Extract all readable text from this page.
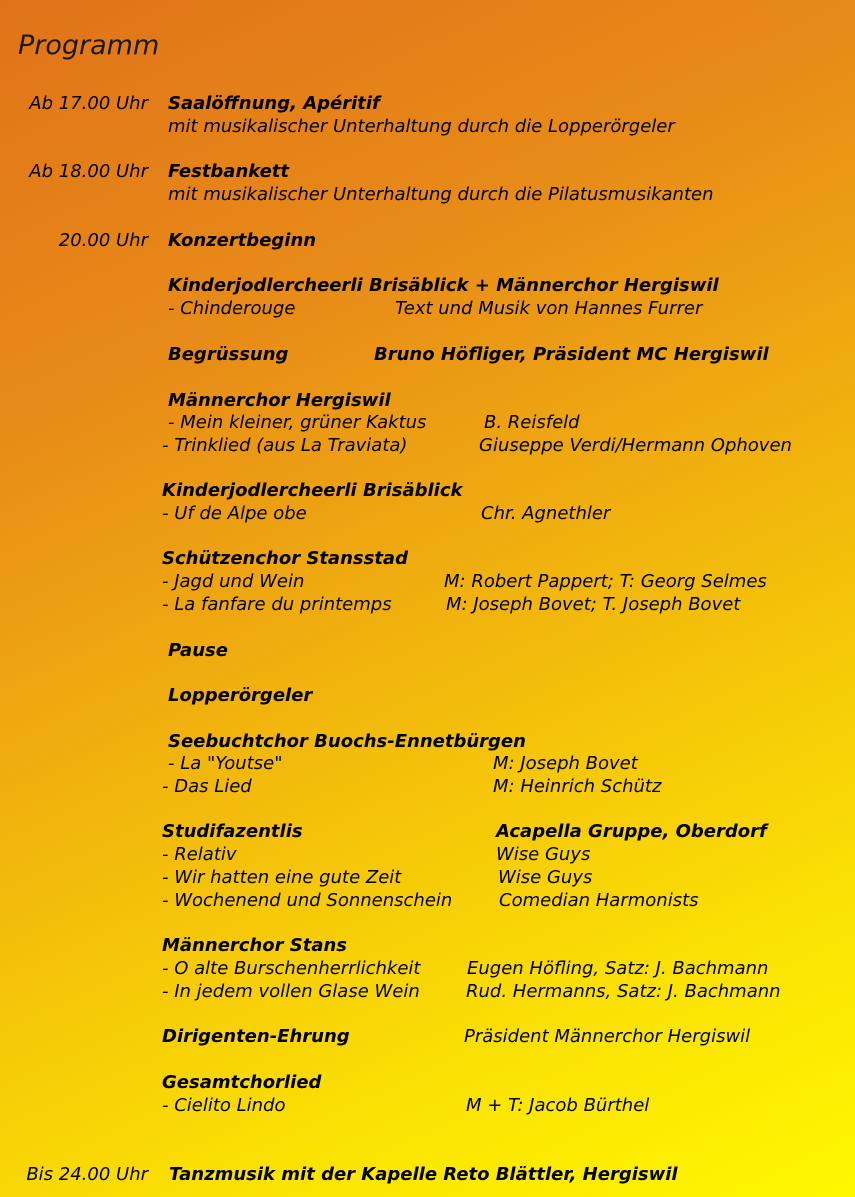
Programm
Ab 17.00 Uhr Saalöffnung, Apéritif
mit musikalischer Unterhaltung durch die Lopperörgeler
Ab 18.00 Uhr Festbankett
mit musikalischer Unterhaltung durch die Pilatusmusikanten
20.00 Uhr Konzertbeginn
Kinderjodlercheerli Brisäblick + Männerchor Hergiswil
- Chinderouge	Text und Musik von Hannes Furrer
Begrüssung	Bruno Höfliger, Präsident MC Hergiswil
Männerchor Hergiswil
- Mein kleiner, grüner Kaktus	B. Reisfeld
- Trinklied (aus La Traviata)	Giuseppe Verdi/Hermann Ophoven
Kinderjodlercheerli Brisäblick
- Uf de Alpe obe	Chr. Agnethler
Schützenchor Stansstad
- Jagd und Wein	M: Robert Pappert; T: Georg Selmes
- La fanfare du printemps	M: Joseph Bovet; T. Joseph Bovet
Pause
Lopperörgeler
Seebuchtchor Buochs-Ennetbürgen
- La "Youtse"	M: Joseph Bovet
- Das Lied	M: Heinrich Schütz
Studifazentlis	Acapella Gruppe, Oberdorf
- Relativ	Wise Guys
- Wir hatten eine gute Zeit	Wise Guys
- Wochenend und Sonnenschein	Comedian Harmonists
Männerchor Stans
- O alte Burschenherrlichkeit	Eugen Höfling, Satz: J. Bachmann
- In jedem vollen Glase Wein	Rud. Hermanns, Satz: J. Bachmann
Dirigenten-Ehrung	Präsident Männerchor Hergiswil
Gesamtchorlied
- Cielito Lindo	M + T: Jacob Bürthel
Bis 24.00 Uhr Tanzmusik mit der Kapelle Reto Blättler, Hergiswil
